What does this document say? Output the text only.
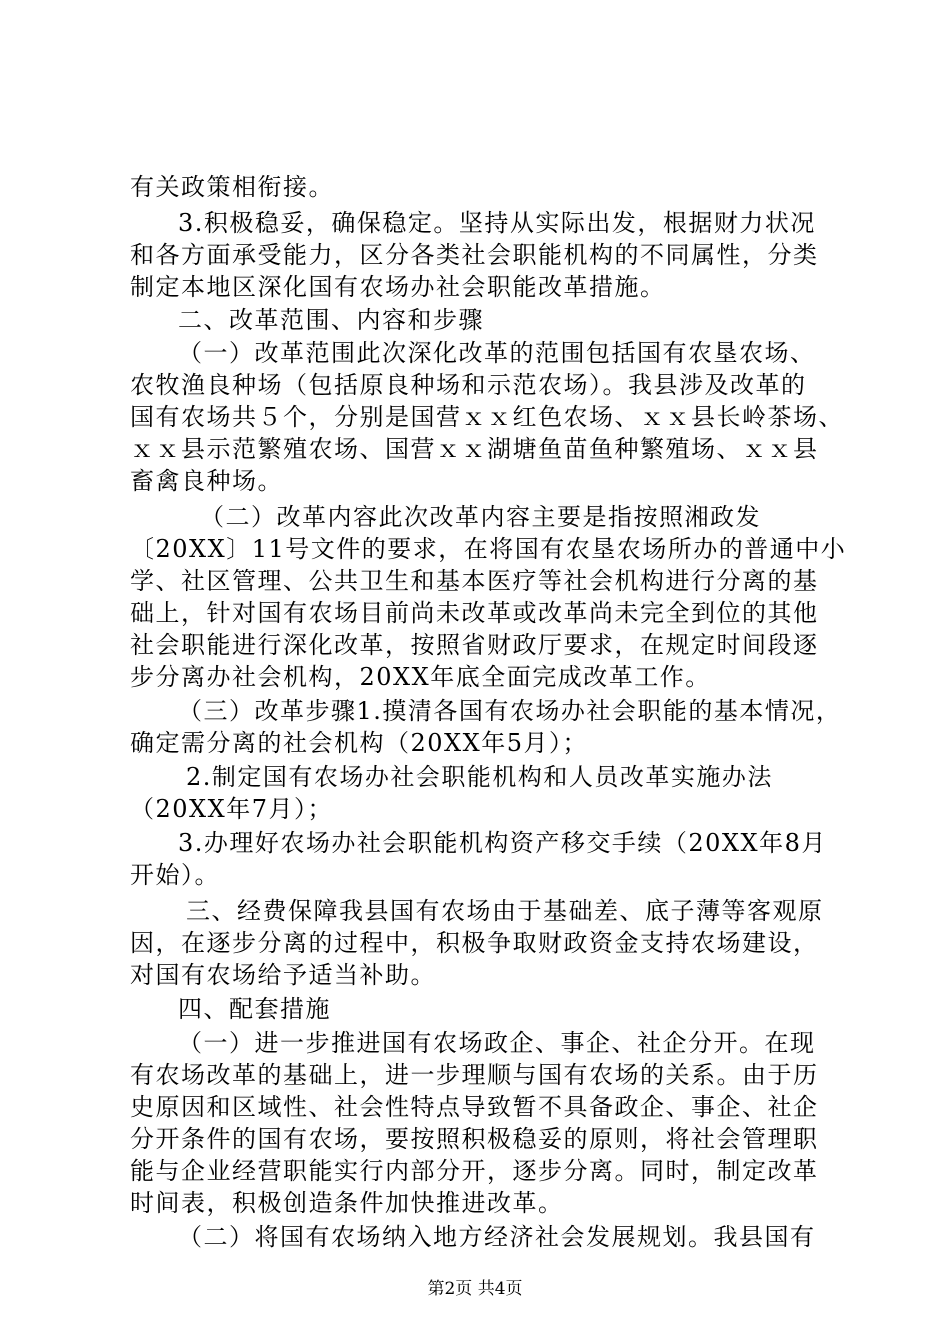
有关政策相衔接。
3.积极稳妥，确保稳定。坚持从实际出发，根据财力状况
和各方面承受能力，区分各类社会职能机构的不同属性，分类
制定本地区深化国有农场办社会职能改革措施。
二、改革范围、内容和步骤
（一）改革范围此次深化改革的范围包括国有农垦农场、
农牧渔良种场（包括原良种场和示范农场）。我县涉及改革的
国有农场共５个，分别是国营ｘｘ红色农场、ｘｘ县长岭茶场、
ｘｘ县示范繁殖农场、国营ｘｘ湖塘鱼苗鱼种繁殖场、ｘｘ县
畜禽良种场。
（二）改革内容此次改革内容主要是指按照湘政发
〔20XX〕11号文件的要求，在将国有农垦农场所办的普通中小
学、社区管理、公共卫生和基本医疗等社会机构进行分离的基
础上，针对国有农场目前尚未改革或改革尚未完全到位的其他
社会职能进行深化改革，按照省财政厅要求，在规定时间段逐
步分离办社会机构，20XX年底全面完成改革工作。
（三）改革步骤1.摸清各国有农场办社会职能的基本情况，
确定需分离的社会机构（20XX年5月）；
2.制定国有农场办社会职能机构和人员改革实施办法
（20XX年7月）；
3.办理好农场办社会职能机构资产移交手续（20XX年8月
开始）。
三、经费保障我县国有农场由于基础差、底子薄等客观原
因，在逐步分离的过程中，积极争取财政资金支持农场建设，
对国有农场给予适当补助。
四、配套措施
（一）进一步推进国有农场政企、事企、社企分开。在现
有农场改革的基础上，进一步理顺与国有农场的关系。由于历
史原因和区域性、社会性特点导致暂不具备政企、事企、社企
分开条件的国有农场，要按照积极稳妥的原则，将社会管理职
能与企业经营职能实行内部分开，逐步分离。同时，制定改革
时间表，积极创造条件加快推进改革。
（二）将国有农场纳入地方经济社会发展规划。我县国有
第2页 共4页
